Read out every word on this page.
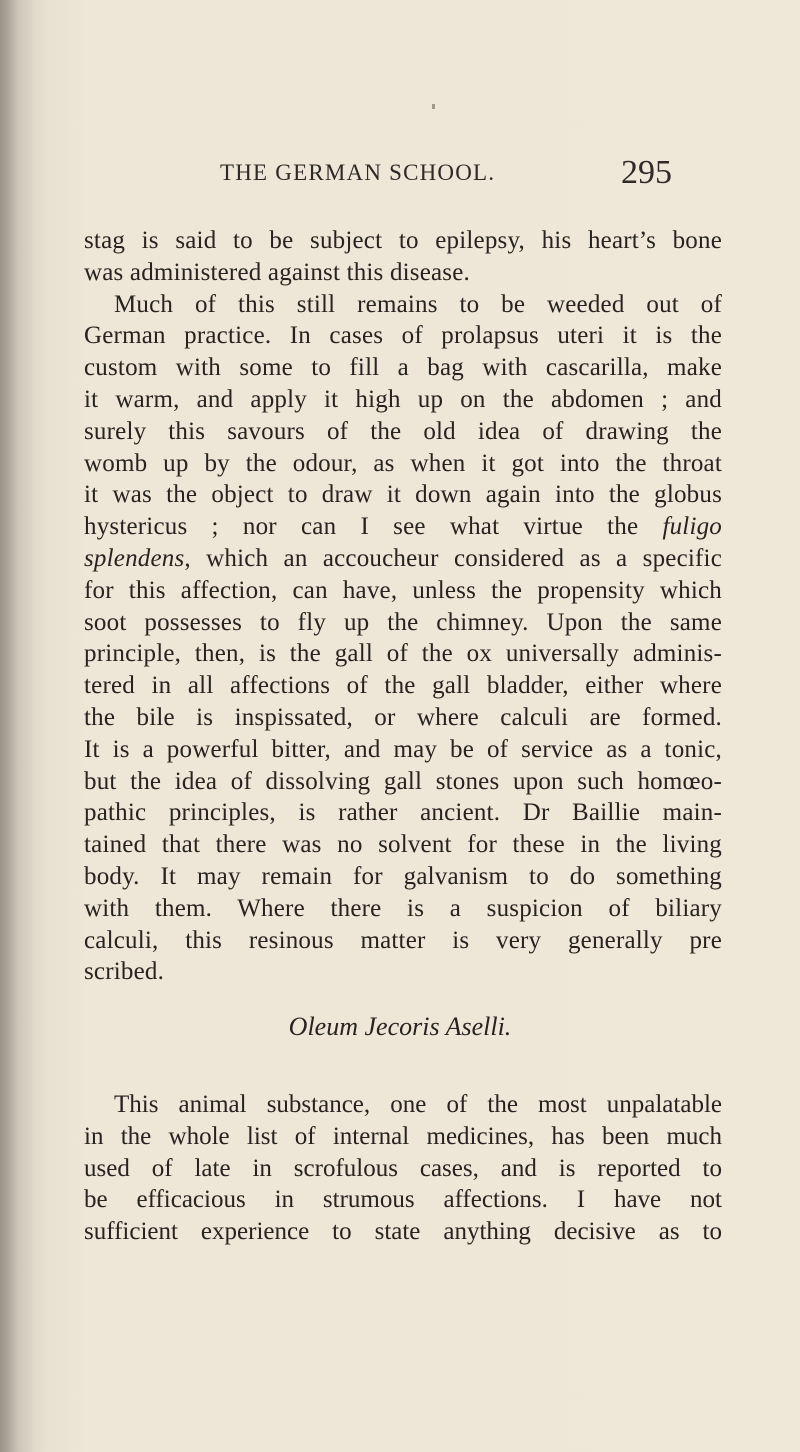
THE GERMAN SCHOOL.	295
stag is said to be subject to epilepsy, his heart’s bone
was administered against this disease.
Much of this still remains to be weeded out of
German practice. In cases of prolapsus uteri it is the
custom with some to fill a bag with cascarilla, make
it warm, and apply it high up on the abdomen ; and
surely this savours of the old idea of drawing the
womb up by the odour, as when it got into the throat
it was the object to draw it down again into the globus
hystericus ; nor can I see what virtue the fuligo
splendens, which an accoucheur considered as a specific
for this affection, can have, unless the propensity which
soot possesses to fly up the chimney. Upon the same
principle, then, is the gall of the ox universally adminis-
tered in all affections of the gall bladder, either where
the bile is inspissated, or where calculi are formed.
It is a powerful bitter, and may be of service as a tonic,
but the idea of dissolving gall stones upon such homœo-
pathic principles, is rather ancient. Dr Baillie main-
tained that there was no solvent for these in the living
body. It may remain for galvanism to do something
with them. Where there is a suspicion of biliary
calculi, this resinous matter is very generally pre
scribed.
Oleum Jecoris Aselli.
This animal substance, one of the most unpalatable
in the whole list of internal medicines, has been much
used of late in scrofulous cases, and is reported to
be efficacious in strumous affections. I have not
sufficient experience to state anything decisive as to
